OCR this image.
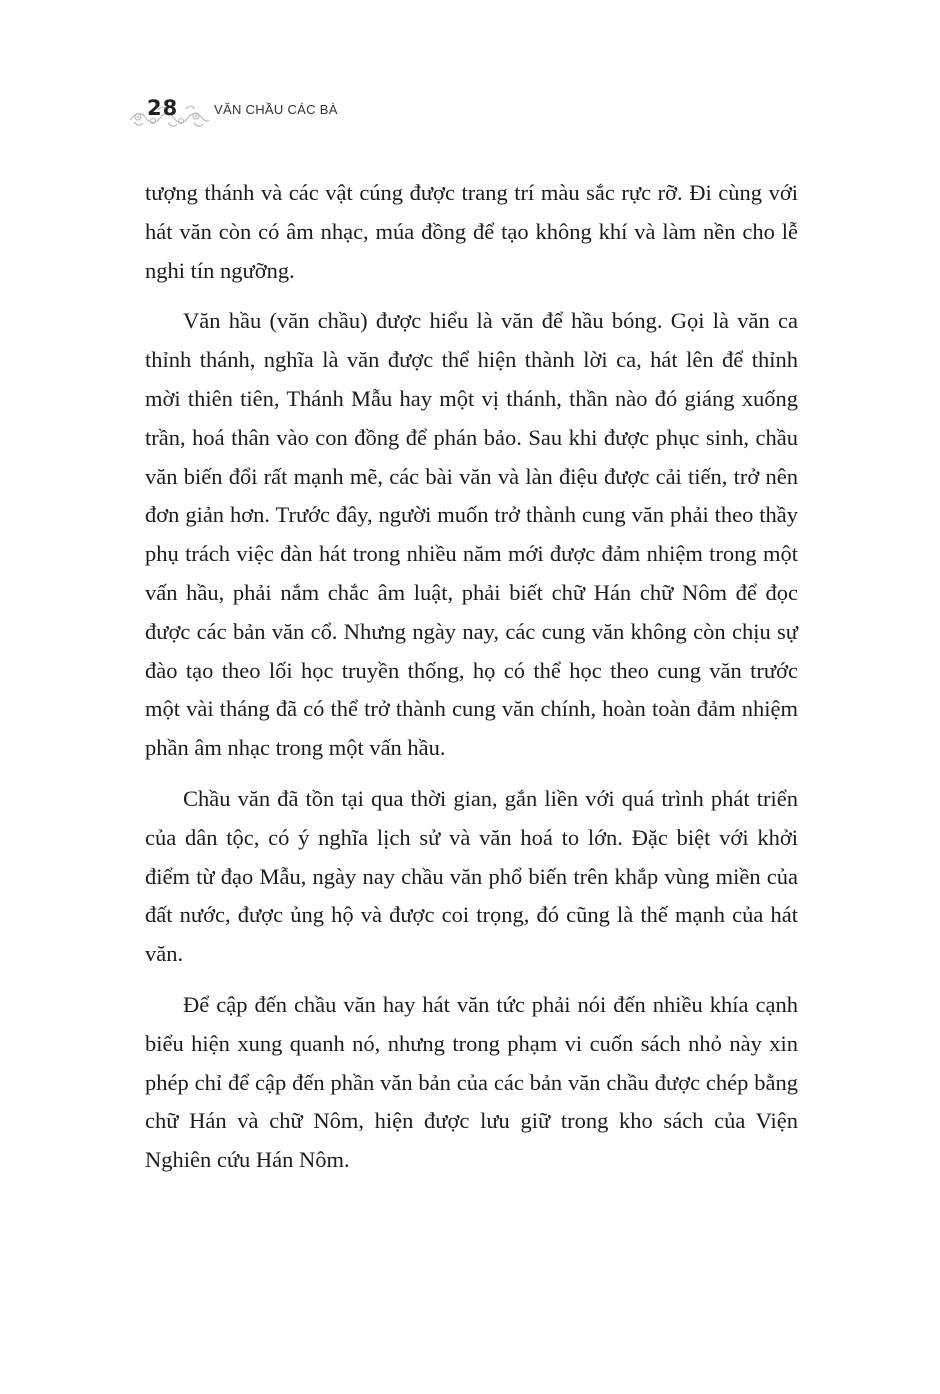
28	VĂN CHẦU CÁC BÀ

tượng thánh và các vật cúng được trang trí màu sắc rực rỡ. Đi cùng với hát văn còn có âm nhạc, múa đồng để tạo không khí và làm nền cho lễ nghi tín ngưỡng.

Văn hầu (văn chầu) được hiểu là văn để hầu bóng. Gọi là văn ca thỉnh thánh, nghĩa là văn được thể hiện thành lời ca, hát lên để thỉnh mời thiên tiên, Thánh Mẫu hay một vị thánh, thần nào đó giáng xuống trần, hoá thân vào con đồng để phán bảo. Sau khi được phục sinh, chầu văn biến đổi rất mạnh mẽ, các bài văn và làn điệu được cải tiến, trở nên đơn giản hơn. Trước đây, người muốn trở thành cung văn phải theo thầy phụ trách việc đàn hát trong nhiều năm mới được đảm nhiệm trong một vấn hầu, phải nắm chắc âm luật, phải biết chữ Hán chữ Nôm để đọc được các bản văn cổ. Nhưng ngày nay, các cung văn không còn chịu sự đào tạo theo lối học truyền thống, họ có thể học theo cung văn trước một vài tháng đã có thể trở thành cung văn chính, hoàn toàn đảm nhiệm phần âm nhạc trong một vấn hầu.

Chầu văn đã tồn tại qua thời gian, gắn liền với quá trình phát triển của dân tộc, có ý nghĩa lịch sử và văn hoá to lớn. Đặc biệt với khởi điểm từ đạo Mẫu, ngày nay chầu văn phổ biến trên khắp vùng miền của đất nước, được ủng hộ và được coi trọng, đó cũng là thế mạnh của hát văn.

Để cập đến chầu văn hay hát văn tức phải nói đến nhiều khía cạnh biểu hiện xung quanh nó, nhưng trong phạm vi cuốn sách nhỏ này xin phép chỉ để cập đến phần văn bản của các bản văn chầu được chép bằng chữ Hán và chữ Nôm, hiện được lưu giữ trong kho sách của Viện Nghiên cứu Hán Nôm.
